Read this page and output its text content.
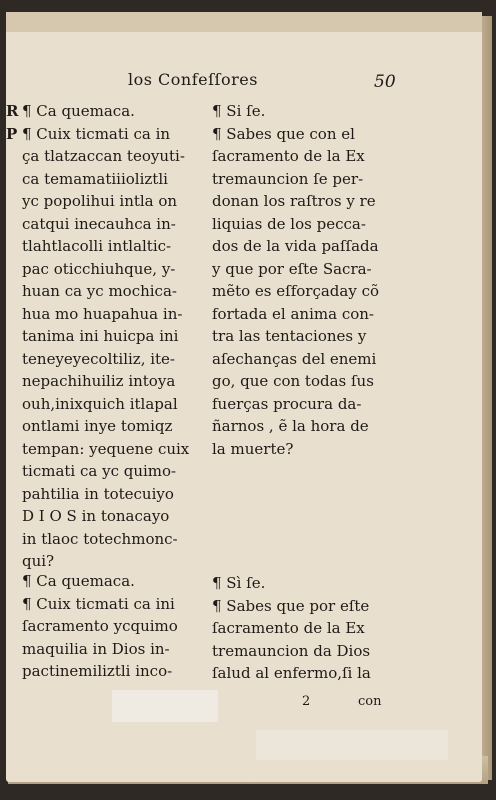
los Confeſſores	50
R
P
¶ Ca quemaca.
¶ Cuix ticmati ca in
ça tlatzaccan teoyuti-
ca temamatiiioliztli
yc popolihui intla on
catqui inecauhca in-
tlahtlacolli intlaltic-
pac oticchiuhque, y-
huan ca yc mochica-
hua mo huapahua in-
tanima ini huicpa ini
teneyeyecoltiliz, ite-
nepachihuiliz intoya
ouh,inixquich itlapal
ontlami inye tomiqz
tempan: yequene cuix
ticmati ca yc quimo-
pahtilia in totecuiyo
D I O S in tonacayo
in tlaoc totechmonc-
qui?
¶ Si ſe.
¶ Sabes que con el
ſacramento de la Ex
tremauncion ſe per-
donan los raſtros y re
liquias de los pecca-
dos de la vida paſſada
y que por eſte Sacra-
mẽto es eſforçaday cõ
fortada el anima con-
tra las tentaciones y
aſechanças del enemi
go, que con todas ſus
fuerças procura da-
ñarnos , ẽ la hora de
la muerte?
¶ Ca quemaca.
¶ Cuix ticmati ca ini
ſacramento ycquimo
maquilia in Dios in-
pactinemiliztli inco-
¶ Sì ſe.
¶ Sabes que por eſte
ſacramento de la Ex
tremauncion da Dios
ſalud al enfermo,ſi la
2	con
